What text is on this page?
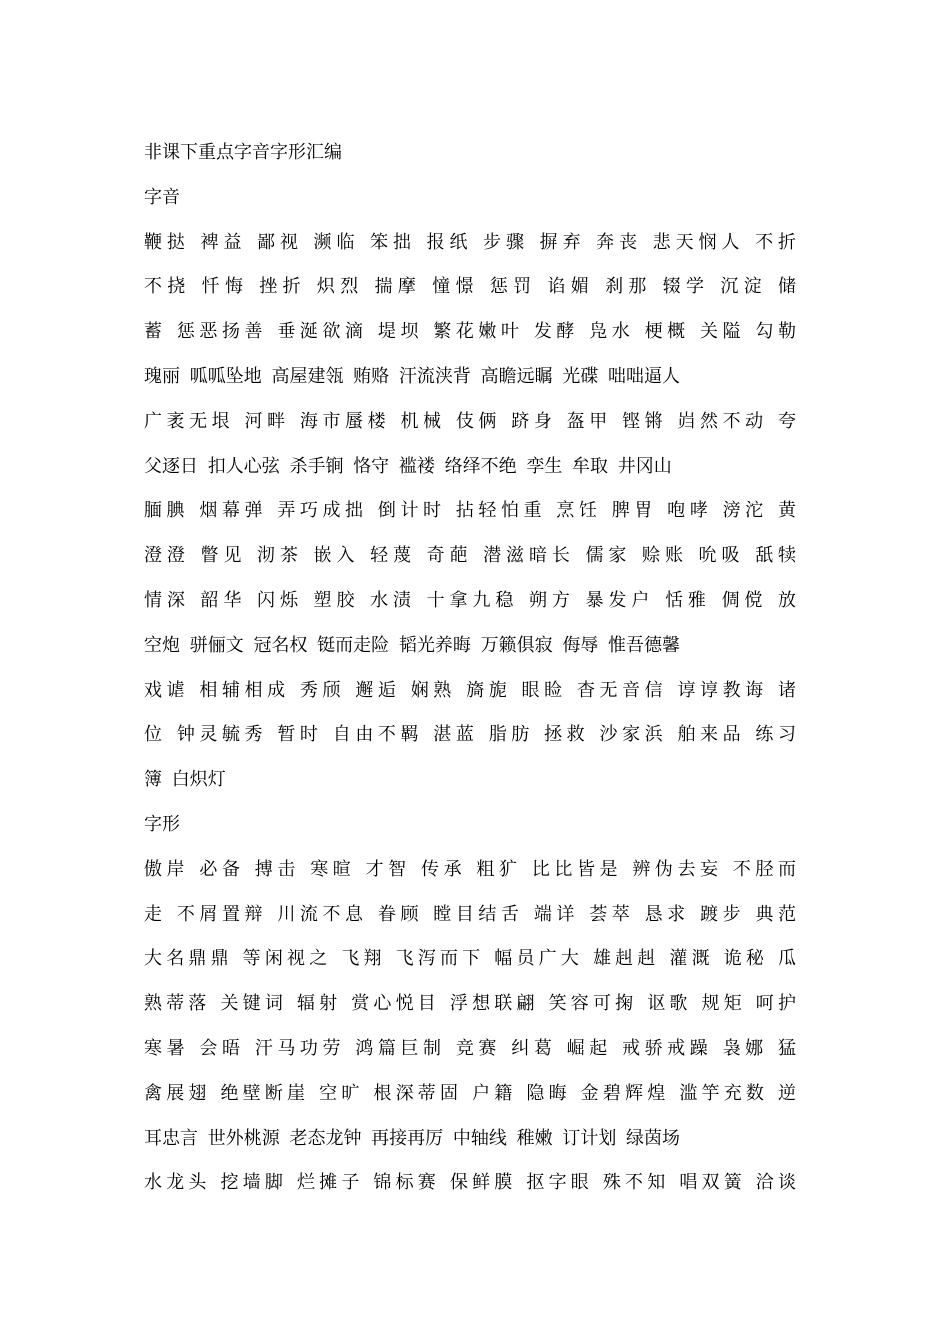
非课下重点字音字形汇编
字音
鞭挞 裨益 鄙视 濒临 笨拙 报纸 步骤 摒弃 奔丧 悲天悯人 不折
不挠 忏悔 挫折 炽烈 揣摩 憧憬 惩罚 谄媚 刹那 辍学 沉淀 储
蓄 惩恶扬善 垂涎欲滴 堤坝 繁花嫩叶 发酵 凫水 梗概 关隘 勾勒
瑰丽 呱呱坠地 高屋建瓴 贿赂 汗流浃背 高瞻远瞩 光碟 咄咄逼人
广袤无垠 河畔 海市蜃楼 机械 伎俩 跻身 盔甲 铿锵 岿然不动 夸
父逐日 扣人心弦 杀手锏 恪守 褴褛 络绎不绝 孪生 牟取 井冈山
腼腆 烟幕弹 弄巧成拙 倒计时 拈轻怕重 烹饪 脾胃 咆哮 滂沱 黄
澄澄 瞥见 沏茶 嵌入 轻蔑 奇葩 潜滋暗长 儒家 赊账 吮吸 舐犊
情深 韶华 闪烁 塑胶 水渍 十拿九稳 朔方 暴发户 恬雅 倜傥 放
空炮 骈俪文 冠名权 铤而走险 韬光养晦 万籁俱寂 侮辱 惟吾德馨
戏谑 相辅相成 秀颀 邂逅 娴熟 旖旎 眼睑 杳无音信 谆谆教诲 诸
位 钟灵毓秀 暂时 自由不羁 湛蓝 脂肪 拯救 沙家浜 舶来品 练习
簿 白炽灯
字形
傲岸 必备 搏击 寒暄 才智 传承 粗犷 比比皆是 辨伪去妄 不胫而
走 不屑置辩 川流不息 眷顾 瞠目结舌 端详 荟萃 恳求 踱步 典范
大名鼎鼎 等闲视之 飞翔 飞泻而下 幅员广大 雄赳赳 灌溉 诡秘 瓜
熟蒂落 关键词 辐射 赏心悦目 浮想联翩 笑容可掬 讴歌 规矩 呵护
寒暑 会晤 汗马功劳 鸿篇巨制 竞赛 纠葛 崛起 戒骄戒躁 袅娜 猛
禽展翅 绝壁断崖 空旷 根深蒂固 户籍 隐晦 金碧辉煌 滥竽充数 逆
耳忠言 世外桃源 老态龙钟 再接再厉 中轴线 稚嫩 订计划 绿茵场
水龙头 挖墙脚 烂摊子 锦标赛 保鲜膜 抠字眼 殊不知 唱双簧 洽谈
